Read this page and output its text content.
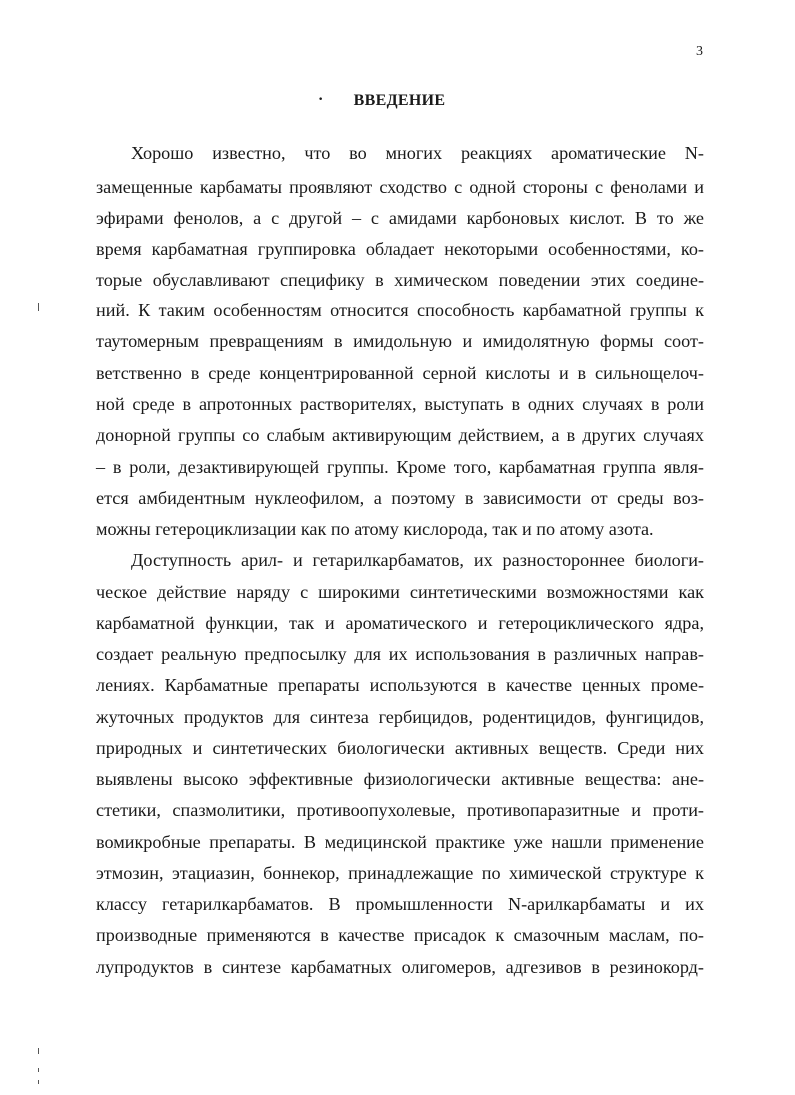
3
·	ВВЕДЕНИЕ
Хорошо известно, что во многих реакциях ароматические N-
замещенные карбаматы проявляют сходство с одной стороны с фенолами и
эфирами фенолов, а с другой – с амидами карбоновых кислот. В то же
время карбаматная группировка обладает некоторыми особенностями, ко-
торые обуславливают специфику в химическом поведении этих соедине-
ний. К таким особенностям относится способность карбаматной группы к
таутомерным превращениям в имидольную и имидолятную формы соот-
ветственно в среде концентрированной серной кислоты и в сильнощелоч-
ной среде в апротонных растворителях, выступать в одних случаях в роли
донорной группы со слабым активирующим действием, а в других случаях
– в роли, дезактивирующей группы. Кроме того, карбаматная группа явля-
ется амбидентным нуклеофилом, а поэтому в зависимости от среды воз-
можны гетероциклизации как по атому кислорода, так и по атому азота.
Доступность арил- и гетарилкарбаматов, их разностороннее биологи-
ческое действие наряду с широкими синтетическими возможностями как
карбаматной функции, так и ароматического и гетероциклического ядра,
создает реальную предпосылку для их использования в различных направ-
лениях. Карбаматные препараты используются в качестве ценных проме-
жуточных продуктов для синтеза гербицидов, родентицидов, фунгицидов,
природных и синтетических биологически активных веществ. Среди них
выявлены высоко эффективные физиологически активные вещества: ане-
стетики, спазмолитики, противоопухолевые, противопаразитные и проти-
вомикробные препараты. В медицинской практике уже нашли применение
этмозин, этациазин, боннекор, принадлежащие по химической структуре к
классу гетарилкарбаматов. В промышленности N-арилкарбаматы и их
производные применяются в качестве присадок к смазочным маслам, по-
лупродуктов в синтезе карбаматных олигомеров, адгезивов в резинокорд-
